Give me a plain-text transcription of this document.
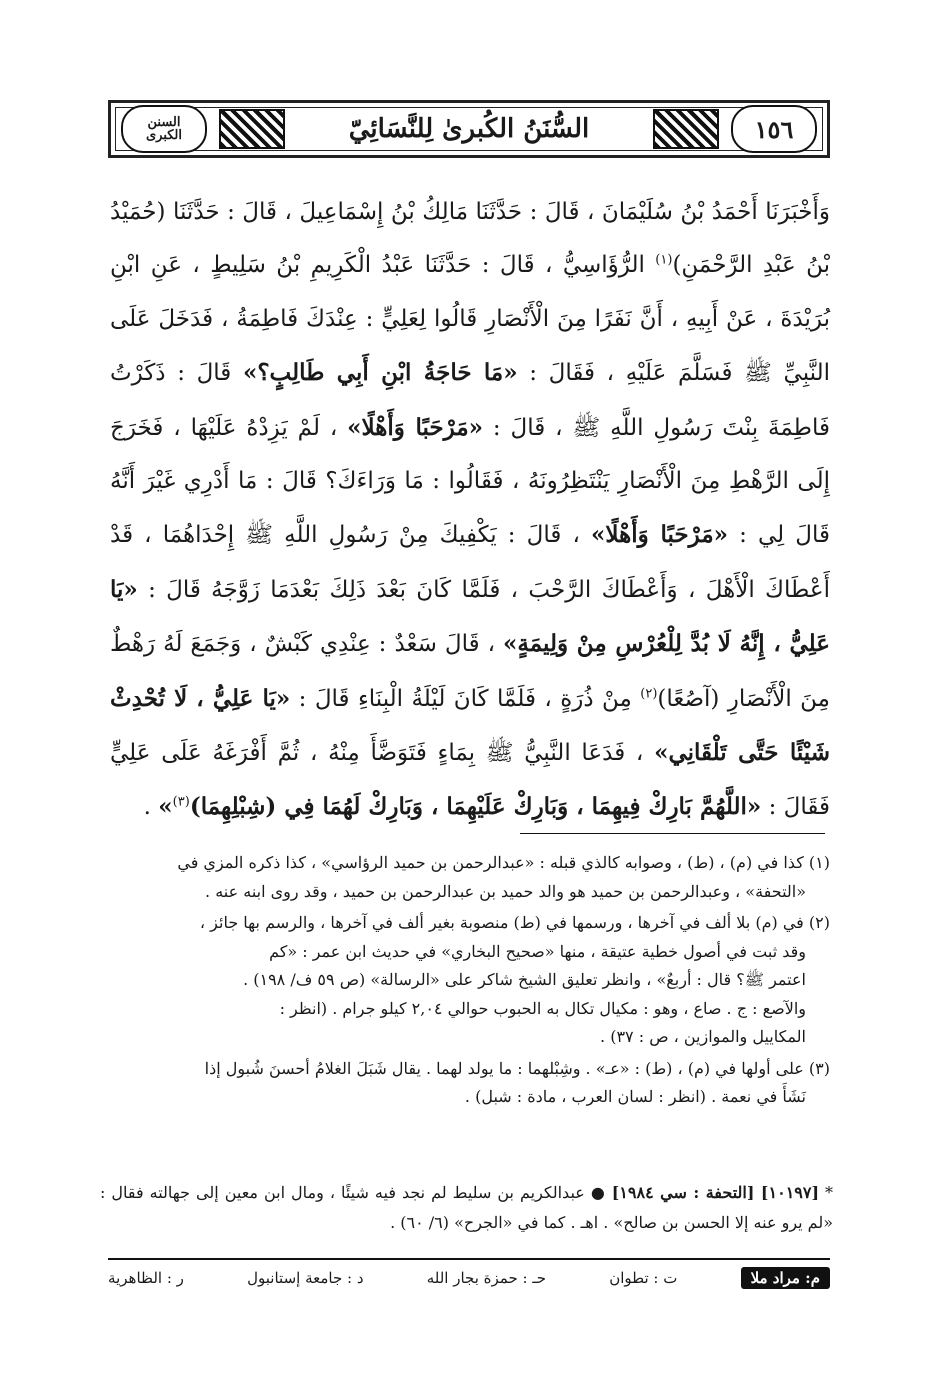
السنن
الكبرى	السُّنَنُ الكُبرىٰ لِلنَّسَائِيّ	١٥٦
وَأَخْبَرَنَا أَحْمَدُ بْنُ سُلَيْمَانَ ، قَالَ : حَدَّثَنَا مَالِكُ بْنُ إِسْمَاعِيلَ ، قَالَ : حَدَّثَنَا (حُمَيْدُ بْنُ عَبْدِ الرَّحْمَنِ)$^{(١)}$ الرُّؤَاسِيُّ ، قَالَ : حَدَّثَنَا عَبْدُ الْكَرِيمِ بْنُ سَلِيطٍ ، عَنِ ابْنِ بُرَيْدَةَ ، عَنْ أَبِيهِ ، أَنَّ نَفَرًا مِنَ الْأَنْصَارِ قَالُوا لِعَلِيٍّ : عِنْدَكَ فَاطِمَةُ ، فَدَخَلَ عَلَى النَّبِيِّ ﷺ فَسَلَّمَ عَلَيْهِ ، فَقَالَ : «مَا حَاجَةُ ابْنِ أَبِي طَالِبٍ؟» قَالَ : ذَكَرْتُ فَاطِمَةَ بِنْتَ رَسُولِ اللَّهِ ﷺ ، قَالَ : «مَرْحَبًا وَأَهْلًا» ، لَمْ يَزِدْهُ عَلَيْهَا ، فَخَرَجَ إِلَى الرَّهْطِ مِنَ الْأَنْصَارِ يَنْتَظِرُونَهُ ، فَقَالُوا : مَا وَرَاءَكَ؟ قَالَ : مَا أَدْرِي غَيْرَ أَنَّهُ قَالَ لِي : «مَرْحَبًا وَأَهْلًا» ، قَالَ : يَكْفِيكَ مِنْ رَسُولِ اللَّهِ ﷺ إِحْدَاهُمَا ، قَدْ أَعْطَاكَ الْأَهْلَ ، وَأَعْطَاكَ الرَّحْبَ ، فَلَمَّا كَانَ بَعْدَ ذَلِكَ بَعْدَمَا زَوَّجَهُ قَالَ : «يَا عَلِيُّ ، إِنَّهُ لَا بُدَّ لِلْعُرْسِ مِنْ وَلِيمَةٍ» ، قَالَ سَعْدٌ : عِنْدِي كَبْشٌ ، وَجَمَعَ لَهُ رَهْطٌ مِنَ الْأَنْصَارِ (آصُعًا)$^{(٢)}$ مِنْ ذُرَةٍ ، فَلَمَّا كَانَ لَيْلَةُ الْبِنَاءِ قَالَ : «يَا عَلِيُّ ، لَا تُحْدِثْ شَيْئًا حَتَّى تَلْقَانِي» ، فَدَعَا النَّبِيُّ ﷺ بِمَاءٍ فَتَوَضَّأَ مِنْهُ ، ثُمَّ أَفْرَغَهُ عَلَى عَلِيٍّ فَقَالَ : «اللَّهُمَّ بَارِكْ فِيهِمَا ، وَبَارِكْ عَلَيْهِمَا ، وَبَارِكْ لَهُمَا فِي (شِبْلِهِمَا)$^{(٣)}$» .
(١) كذا في (م) ، (ط) ، وصوابه كالذي قبله : «عبدالرحمن بن حميد الرؤاسي» ، كذا ذكره المزي في
«التحفة» ، وعبدالرحمن بن حميد هو والد حميد بن عبدالرحمن بن حميد ، وقد روى ابنه عنه .
(٢) في (م) بلا ألف في آخرها ، ورسمها في (ط) منصوبة بغير ألف في آخرها ، والرسم بها جائز ،
وقد ثبت في أصول خطية عتيقة ، منها «صحيح البخاري» في حديث ابن عمر : «كم
اعتمر ﷺ؟ قال : أربعٌ» ، وانظر تعليق الشيخ شاكر على «الرسالة» (ص ٥٩ ف/ ١٩٨) .
والآصع : ج . صاع ، وهو : مكيال تكال به الحبوب حوالي ٢,٠٤ كيلو جرام . (انظر :
المكاييل والموازين ، ص : ٣٧) .
(٣) على أولها في (م) ، (ط) : «عـ» . وشِبْلهما : ما يولد لهما . يقال شَبَلَ الغلامُ أحسنَ شُبول إذا
نَشَأَ في نعمة . (انظر : لسان العرب ، مادة : شبل) .
* [١٠١٩٧] [التحفة : سي ١٩٨٤] ● عبدالكريم بن سليط لم نجد فيه شيئًا ، ومال ابن معين إلى جهالته فقال : «لم يرو عنه إلا الحسن بن صالح» . اهـ . كما في «الجرح» (٦/ ٦٠) .
م: مراد ملا
ت : تطوان
حـ : حمزة بجار الله
د : جامعة إستانبول
ر : الظاهرية
